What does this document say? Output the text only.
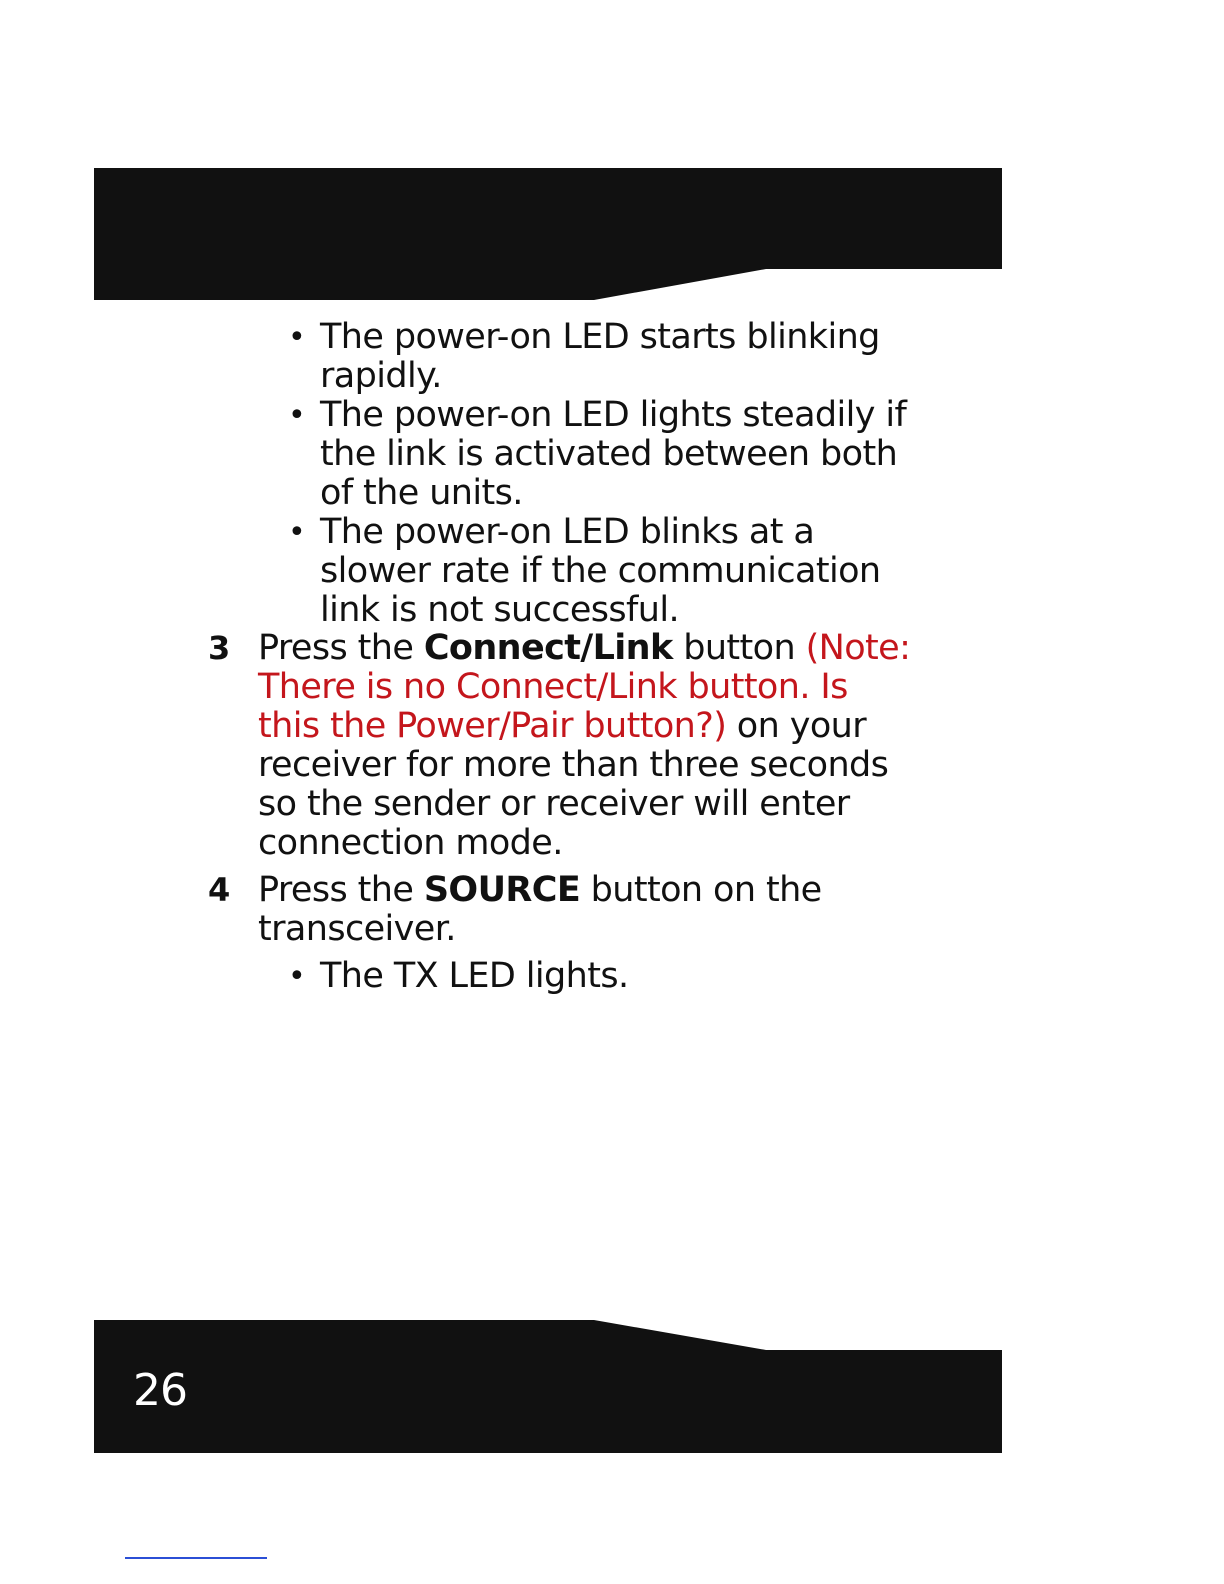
• The power-on LED starts blinking rapidly.
• The power-on LED lights steadily if the link is activated between both of the units.
• The power-on LED blinks at a slower rate if the communication link is not successful.
3 Press the Connect/Link button (Note: There is no Connect/Link button. Is this the Power/Pair button?) on your receiver for more than three seconds so the sender or receiver will enter connection mode.
4 Press the SOURCE button on the transceiver.
• The TX LED lights.
26
